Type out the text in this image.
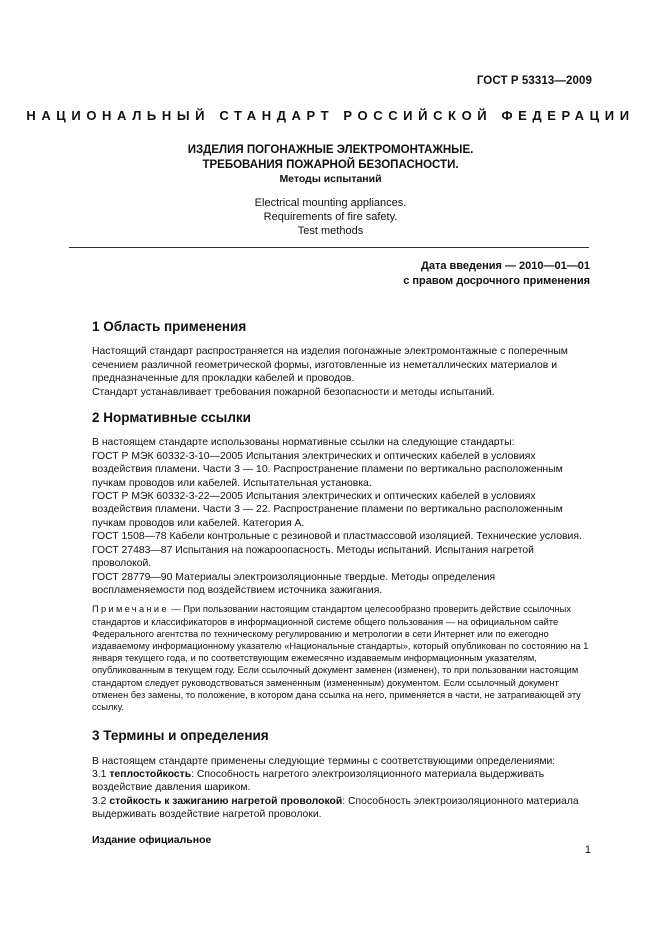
ГОСТ Р 53313—2009
НАЦИОНАЛЬНЫЙ СТАНДАРТ РОССИЙСКОЙ ФЕДЕРАЦИИ
ИЗДЕЛИЯ ПОГОНАЖНЫЕ ЭЛЕКТРОМОНТАЖНЫЕ.
ТРЕБОВАНИЯ ПОЖАРНОЙ БЕЗОПАСНОСТИ.
Методы испытаний
Electrical mounting appliances.
Requirements of fire safety.
Test methods
Дата введения — 2010—01—01
с правом досрочного применения
1 Область применения

Настоящий стандарт распространяется на изделия погонажные электромонтажные с поперечным сечением различной геометрической формы, изготовленные из неметаллических материалов и предназначенные для прокладки кабелей и проводов.

Стандарт устанавливает требования пожарной безопасности и методы испытаний.

2 Нормативные ссылки

В настоящем стандарте использованы нормативные ссылки на следующие стандарты:

ГОСТ Р МЭК 60332-3-10—2005 Испытания электрических и оптических кабелей в условиях воздействия пламени. Части 3 — 10. Распространение пламени по вертикально расположенным пучкам проводов или кабелей. Испытательная установка.

ГОСТ Р МЭК 60332-3-22—2005 Испытания электрических и оптических кабелей в условиях воздействия пламени. Части 3 — 22. Распространение пламени по вертикально расположенным пучкам проводов или кабелей. Категория А.

ГОСТ 1508—78 Кабели контрольные с резиновой и пластмассовой изоляцией. Технические условия.

ГОСТ 27483—87 Испытания на пожароопасность. Методы испытаний. Испытания нагретой проволокой.

ГОСТ 28779—90 Материалы электроизоляционные твердые. Методы определения воспламеняемости под воздействием источника зажигания.

Примечание — При пользовании настоящим стандартом целесообразно проверить действие ссылочных стандартов и классификаторов в информационной системе общего пользования — на официальном сайте Федерального агентства по техническому регулированию и метрологии в сети Интернет или по ежегодно издаваемому информационному указателю «Национальные стандарты», который опубликован по состоянию на 1 января текущего года, и по соответствующим ежемесячно издаваемым информационным указателям, опубликованным в текущем году. Если ссылочный документ заменен (изменен), то при пользовании настоящим стандартом следует руководствоваться замененным (измененным) документом. Если ссылочный документ отменен без замены, то положение, в котором дана ссылка на него, применяется в части, не затрагивающей эту ссылку.

3 Термины и определения

В настоящем стандарте применены следующие термины с соответствующими определениями:

3.1 теплостойкость: Способность нагретого электроизоляционного материала выдерживать воздействие давления шариком.

3.2 стойкость к зажиганию нагретой проволокой: Способность электроизоляционного материала выдерживать воздействие нагретой проволоки.

Издание официальное
1
